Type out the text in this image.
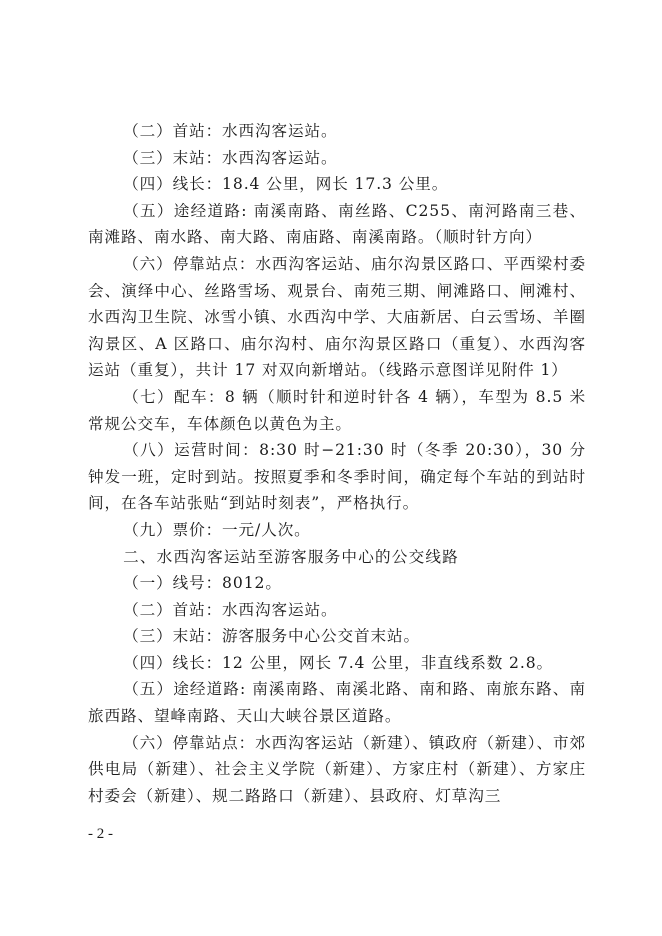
（二）首站：水西沟客运站。

（三）末站：水西沟客运站。

（四）线长：18.4 公里，网长 17.3 公里。

（五）途经道路: 南溪南路、南丝路、C255、南河路南三巷、南滩路、南水路、南大路、南庙路、南溪南路。（顺时针方向）

（六）停靠站点：水西沟客运站、庙尔沟景区路口、平西梁村委会、演绎中心、丝路雪场、观景台、南苑三期、闸滩路口、闸滩村、水西沟卫生院、冰雪小镇、水西沟中学、大庙新居、白云雪场、羊圈沟景区、A 区路口、庙尔沟村、庙尔沟景区路口（重复）、水西沟客运站（重复），共计 17 对双向新增站。（线路示意图详见附件 1）

（七）配车：8 辆（顺时针和逆时针各 4 辆），车型为 8.5 米常规公交车，车体颜色以黄色为主。

（八）运营时间：8:30 时−21:30 时（冬季 20:30），30 分钟发一班，定时到站。按照夏季和冬季时间，确定每个车站的到站时间，在各车站张贴“到站时刻表”，严格执行。

（九）票价：一元/人次。

二、水西沟客运站至游客服务中心的公交线路

（一）线号：8012。

（二）首站：水西沟客运站。

（三）末站：游客服务中心公交首末站。

（四）线长：12 公里，网长 7.4 公里，非直线系数 2.8。

（五）途经道路: 南溪南路、南溪北路、南和路、南旅东路、南旅西路、望峰南路、天山大峡谷景区道路。

（六）停靠站点：水西沟客运站（新建）、镇政府（新建）、市郊供电局（新建）、社会主义学院（新建）、方家庄村（新建）、方家庄村委会（新建）、规二路路口（新建）、县政府、灯草沟三

- 2 -
